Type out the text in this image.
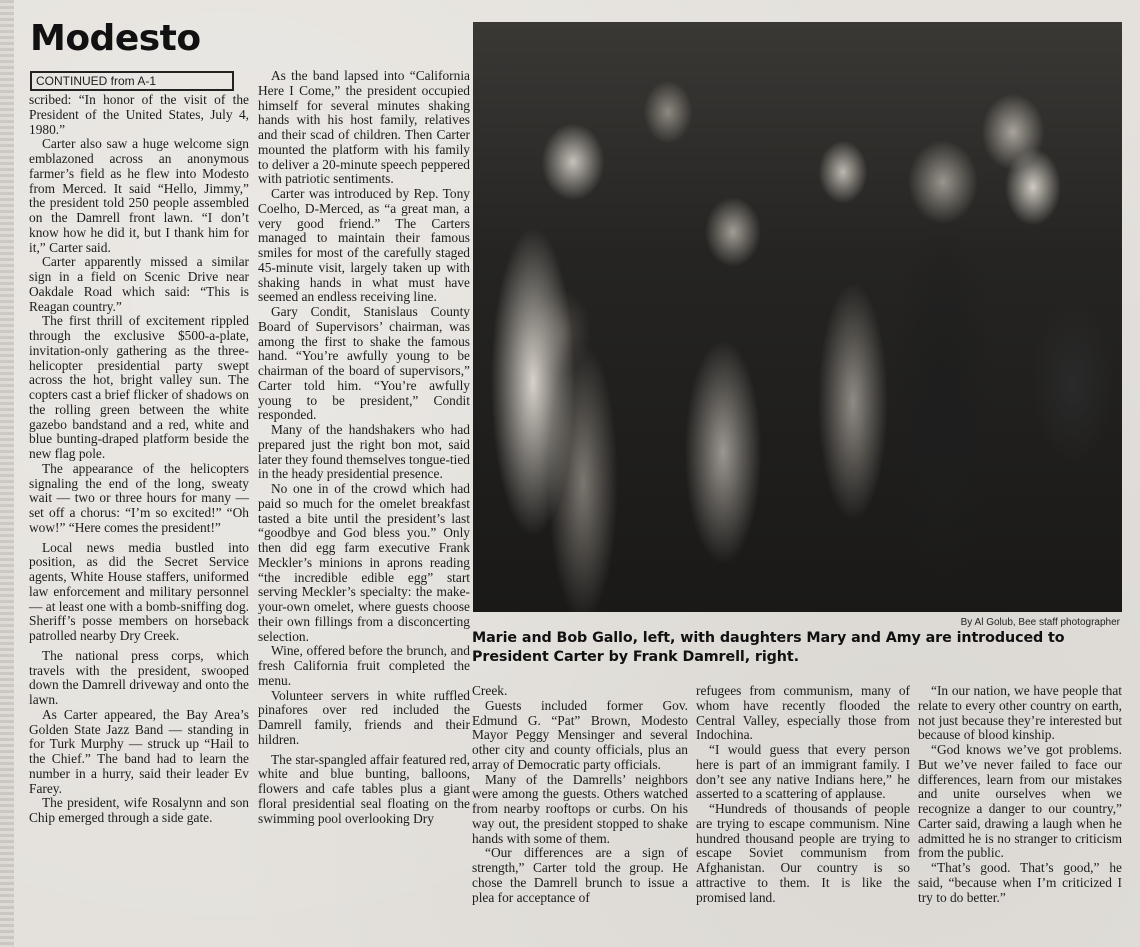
Modesto
CONTINUED from A-1

scribed: “In honor of the visit of the President of the United States, July 4, 1980.”

Carter also saw a huge welcome sign emblazoned across an anonymous farmer’s field as he flew into Modesto from Merced. It said “Hello, Jimmy,” the president told 250 people assembled on the Damrell front lawn. “I don’t know how he did it, but I thank him for it,” Carter said.

Carter apparently missed a similar sign in a field on Scenic Drive near Oakdale Road which said: “This is Reagan country.”

The first thrill of excitement rippled through the exclusive $500-a-plate, invitation-only gathering as the three-helicopter presidential party swept across the hot, bright valley sun. The copters cast a brief flicker of shadows on the rolling green between the white gazebo bandstand and a red, white and blue bunting-draped platform beside the new flag pole.

The appearance of the helicopters signaling the end of the long, sweaty wait — two or three hours for many — set off a chorus: “I’m so excited!” “Oh wow!” “Here comes the president!”

Local news media bustled into position, as did the Secret Service agents, White House staffers, uniformed law enforcement and military personnel — at least one with a bomb-sniffing dog. Sheriff’s posse members on horseback patrolled nearby Dry Creek.

The national press corps, which travels with the president, swooped down the Damrell driveway and onto the lawn.

As Carter appeared, the Bay Area’s Golden State Jazz Band — standing in for Turk Murphy — struck up “Hail to the Chief.” The band had to learn the number in a hurry, said their leader Ev Farey.

The president, wife Rosalynn and son Chip emerged through a side gate.

As the band lapsed into “California Here I Come,” the president occupied himself for several minutes shaking hands with his host family, relatives and their scad of children. Then Carter mounted the platform with his family to deliver a 20-minute speech peppered with patriotic sentiments.

Carter was introduced by Rep. Tony Coelho, D-Merced, as “a great man, a very good friend.” The Carters managed to maintain their famous smiles for most of the carefully staged 45-minute visit, largely taken up with shaking hands in what must have seemed an endless receiving line.

Gary Condit, Stanislaus County Board of Supervisors’ chairman, was among the first to shake the famous hand. “You’re awfully young to be chairman of the board of supervisors,” Carter told him. “You’re awfully young to be president,” Condit responded.

Many of the handshakers who had prepared just the right bon mot, said later they found themselves tongue-tied in the heady presidential presence.

No one in of the crowd which had paid so much for the omelet breakfast tasted a bite until the president’s last “goodbye and God bless you.” Only then did egg farm executive Frank Meckler’s minions in aprons reading “the incredible edible egg” start serving Meckler’s specialty: the make-your-own omelet, where guests choose their own fillings from a disconcerting selection.

Wine, offered before the brunch, and fresh California fruit completed the menu.

Volunteer servers in white ruffled pinafores over red included the Damrell family, friends and their hildren.

The star-spangled affair featured red, white and blue bunting, balloons, flowers and cafe tables plus a giant floral presidential seal floating on the swimming pool overlooking Dry

By Al Golub, Bee staff photographer
Marie and Bob Gallo, left, with daughters Mary and Amy are introduced to President Carter by Frank Damrell, right.

Creek.

Guests included former Gov. Edmund G. “Pat” Brown, Modesto Mayor Peggy Mensinger and several other city and county officials, plus an array of Democratic party officials.

Many of the Damrells’ neighbors were among the guests. Others watched from nearby rooftops or curbs. On his way out, the president stopped to shake hands with some of them.

“Our differences are a sign of strength,” Carter told the group. He chose the Damrell brunch to issue a plea for acceptance of

refugees from communism, many of whom have recently flooded the Central Valley, especially those from Indochina.

“I would guess that every person here is part of an immigrant family. I don’t see any native Indians here,” he asserted to a scattering of applause.

“Hundreds of thousands of people are trying to escape communism. Nine hundred thousand people are trying to escape Soviet communism from Afghanistan. Our country is so attractive to them. It is like the promised land.

“In our nation, we have people that relate to every other country on earth, not just because they’re interested but because of blood kinship.

“God knows we’ve got problems. But we’ve never failed to face our differences, learn from our mistakes and unite ourselves when we recognize a danger to our country,” Carter said, drawing a laugh when he admitted he is no stranger to criticism from the public.

“That’s good. That’s good,” he said, “because when I’m criticized I try to do better.”
